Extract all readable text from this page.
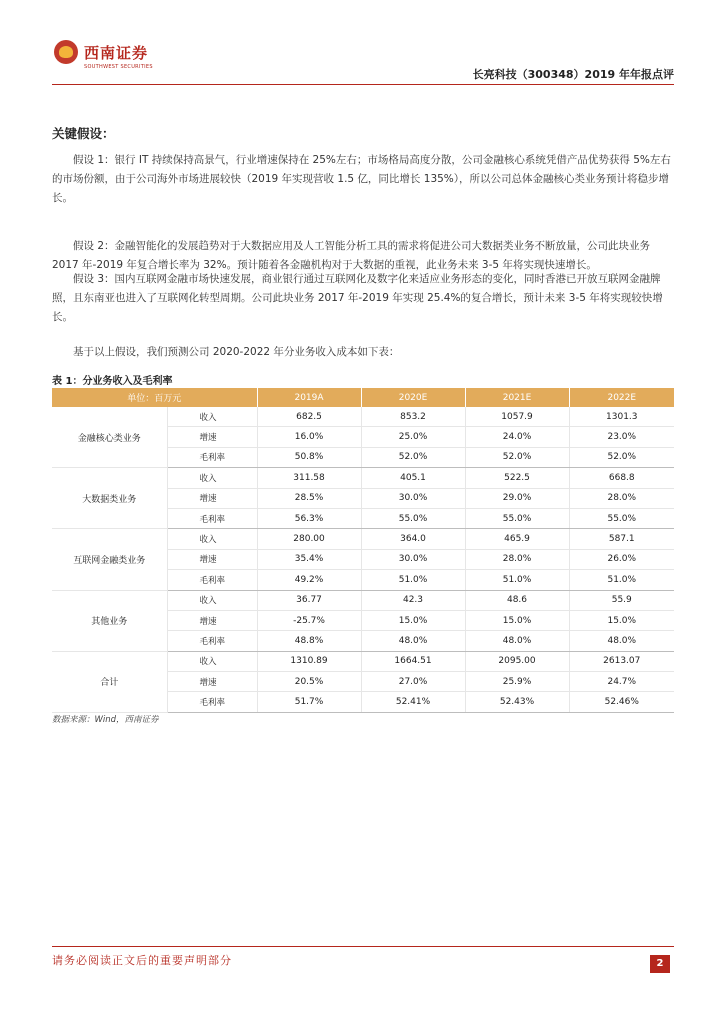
西南证券
SOUTHWEST SECURITIES
长亮科技（300348）2019 年年报点评
关键假设：
假设 1：银行 IT 持续保持高景气，行业增速保持在 25%左右；市场格局高度分散，公司金融核心系统凭借产品优势获得 5%左右的市场份额，由于公司海外市场进展较快（2019 年实现营收 1.5 亿，同比增长 135%），所以公司总体金融核心类业务预计将稳步增长。
假设 2：金融智能化的发展趋势对于大数据应用及人工智能分析工具的需求将促进公司大数据类业务不断放量，公司此块业务 2017 年-2019 年复合增长率为 32%。预计随着各金融机构对于大数据的重视，此业务未来 3-5 年将实现快速增长。
假设 3：国内互联网金融市场快速发展，商业银行通过互联网化及数字化来适应业务形态的变化，同时香港已开放互联网金融牌照，且东南亚也进入了互联网化转型周期。公司此块业务 2017 年-2019 年实现 25.4%的复合增长，预计未来 3-5 年将实现较快增长。
基于以上假设，我们预测公司 2020-2022 年分业务收入成本如下表：
表 1：分业务收入及毛利率
单位：百万元		2019A	2020E	2021E	2022E
金融核心类业务	收入	682.5	853.2	1057.9	1301.3
	增速	16.0%	25.0%	24.0%	23.0%
	毛利率	50.8%	52.0%	52.0%	52.0%
大数据类业务	收入	311.58	405.1	522.5	668.8
	增速	28.5%	30.0%	29.0%	28.0%
	毛利率	56.3%	55.0%	55.0%	55.0%
互联网金融类业务	收入	280.00	364.0	465.9	587.1
	增速	35.4%	30.0%	28.0%	26.0%
	毛利率	49.2%	51.0%	51.0%	51.0%
其他业务	收入	36.77	42.3	48.6	55.9
	增速	-25.7%	15.0%	15.0%	15.0%
	毛利率	48.8%	48.0%	48.0%	48.0%
合计	收入	1310.89	1664.51	2095.00	2613.07
	增速	20.5%	27.0%	25.9%	24.7%
	毛利率	51.7%	52.41%	52.43%	52.46%
数据来源：Wind，西南证券
请务必阅读正文后的重要声明部分	2
